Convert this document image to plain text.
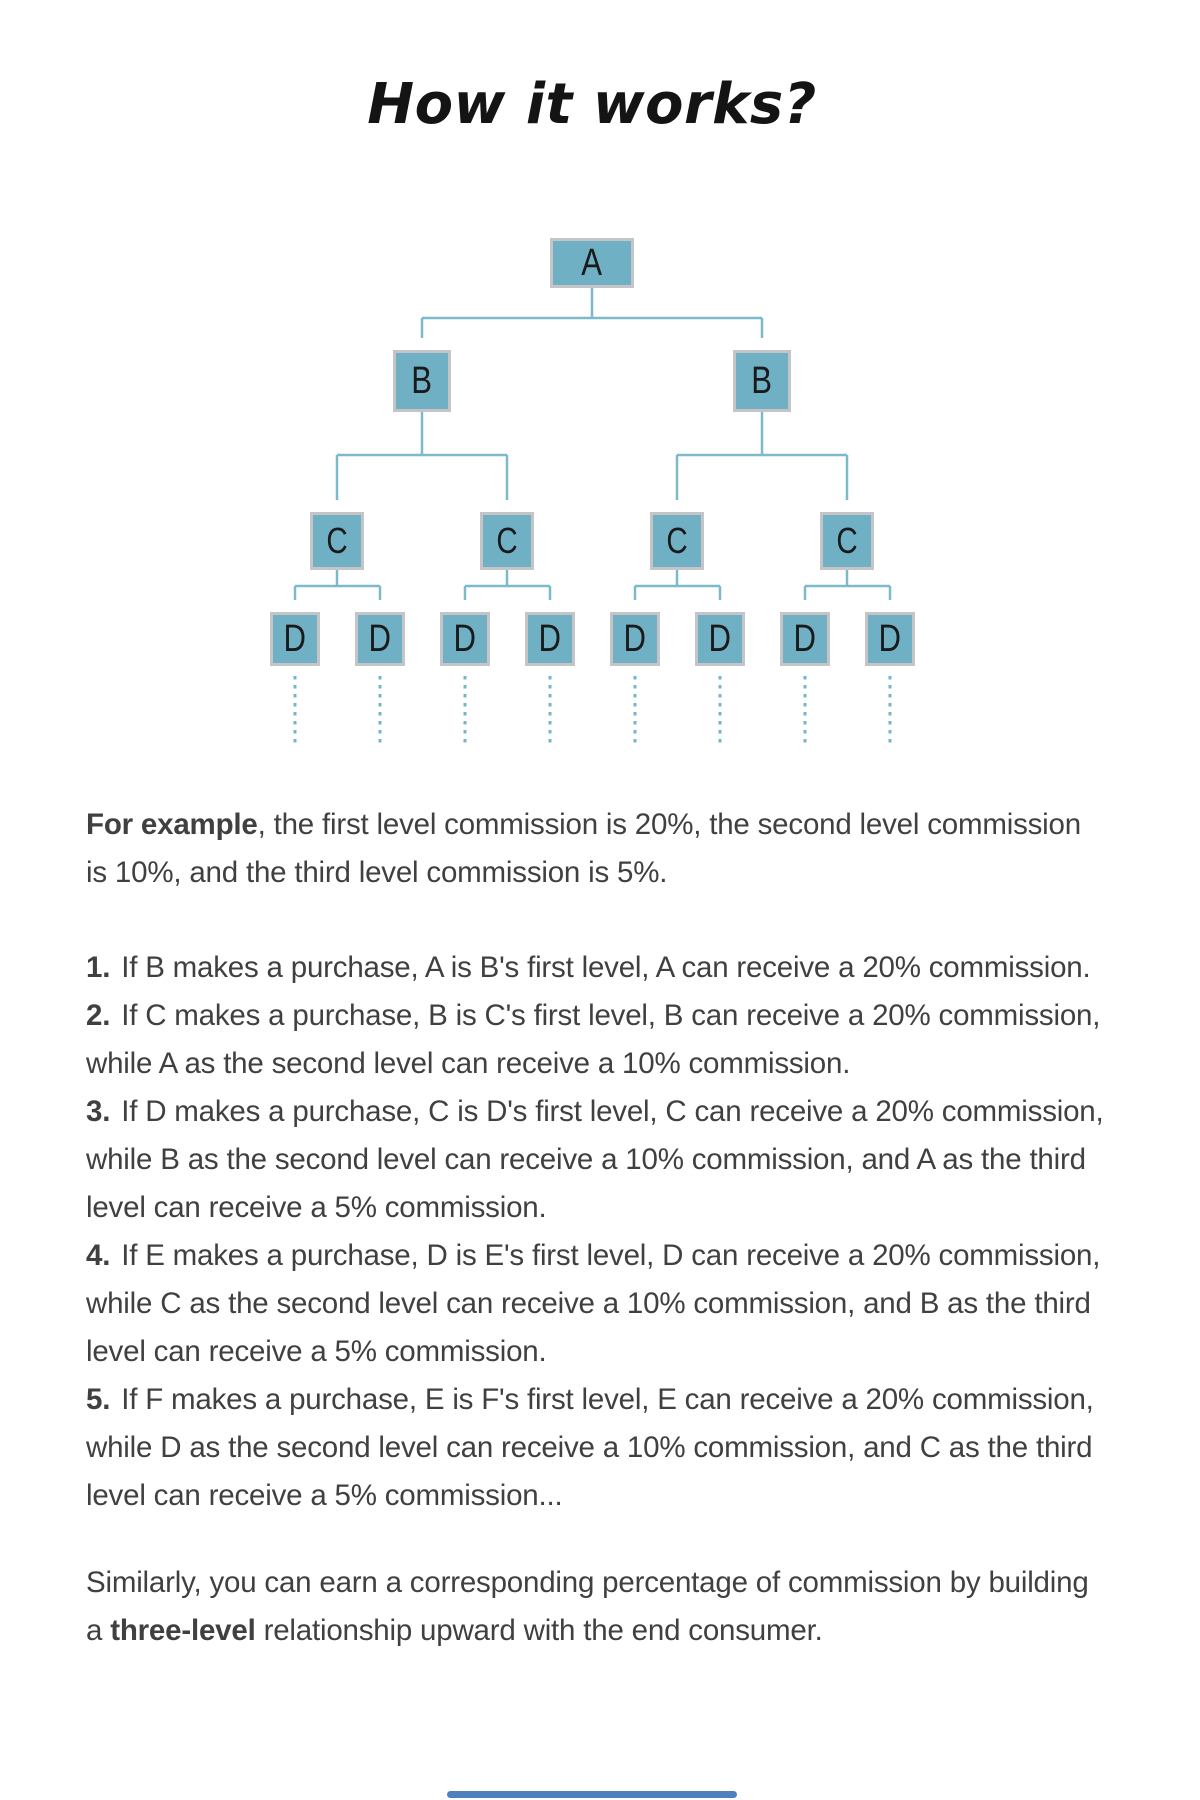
How it works?
A
B	B
C	C	C	C
D D D D D D D D
For example, the first level commission is 20%, the second level commission
is 10%, and the third level commission is 5%.
1. If B makes a purchase, A is B's first level, A can receive a 20% commission.
2. If C makes a purchase, B is C's first level, B can receive a 20% commission,
while A as the second level can receive a 10% commission.
3. If D makes a purchase, C is D's first level, C can receive a 20% commission,
while B as the second level can receive a 10% commission, and A as the third
level can receive a 5% commission.
4. If E makes a purchase, D is E's first level, D can receive a 20% commission,
while C as the second level can receive a 10% commission, and B as the third
level can receive a 5% commission.
5. If F makes a purchase, E is F's first level, E can receive a 20% commission,
while D as the second level can receive a 10% commission, and C as the third
level can receive a 5% commission...
Similarly, you can earn a corresponding percentage of commission by building
a three-level relationship upward with the end consumer.
